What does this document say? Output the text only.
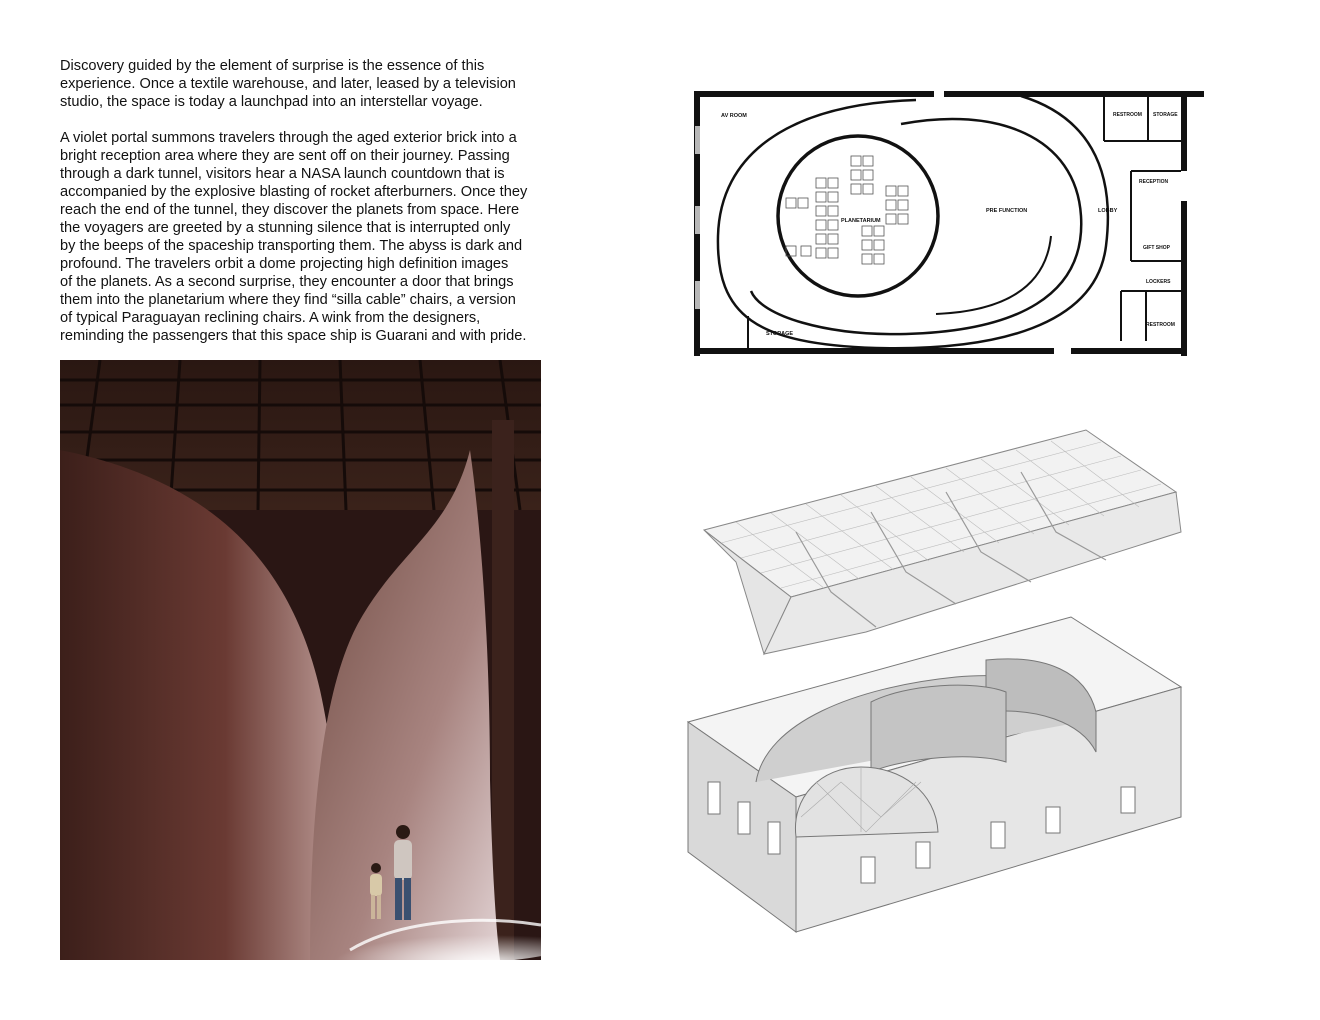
Discovery guided by the element of surprise is the essence of this
experience. Once a textile warehouse, and later, leased by a television
studio, the space is today a launchpad into an interstellar voyage.

A violet portal summons travelers through the aged exterior brick into a
bright reception area where they are sent off on their journey. Passing
through a dark tunnel, visitors hear a NASA launch countdown that is
accompanied by the explosive blasting of rocket afterburners. Once they
reach the end of the tunnel, they discover the planets from space. Here
the voyagers are greeted by a stunning silence that is interrupted only
by the beeps of the spaceship transporting them. The abyss is dark and
profound. The travelers orbit a dome projecting high definition images
of the planets. As a second surprise, they encounter a door that brings
them into the planetarium where they find “silla cable” chairs, a version
of typical Paraguayan reclining chairs. A wink from the designers,
reminding the passengers that this space ship is Guarani and with pride.

AV ROOM
PLANETARIUM
PRE FUNCTION	LOBBY
RESTROOM STORAGE
RECEPTION
GIFT SHOP
LOCKERS
RESTROOM
STORAGE
